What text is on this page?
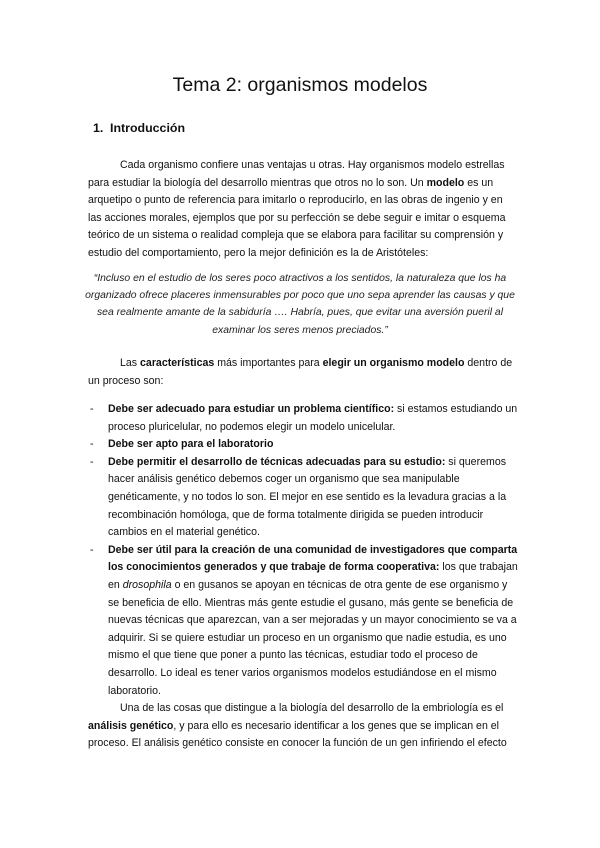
Tema 2: organismos modelos
1. Introducción

Cada organismo confiere unas ventajas u otras. Hay organismos modelo estrellas para estudiar la biología del desarrollo mientras que otros no lo son. Un modelo es un arquetipo o punto de referencia para imitarlo o reproducirlo, en las obras de ingenio y en las acciones morales, ejemplos que por su perfección se debe seguir e imitar o esquema teórico de un sistema o realidad compleja que se elabora para facilitar su comprensión y estudio del comportamiento, pero la mejor definición es la de Aristóteles:

“Incluso en el estudio de los seres poco atractivos a los sentidos, la naturaleza que los ha organizado ofrece placeres inmensurables por poco que uno sepa aprender las causas y que sea realmente amante de la sabiduría …. Habría, pues, que evitar una aversión pueril al examinar los seres menos preciados.”

Las características más importantes para elegir un organismo modelo dentro de un proceso son:

- Debe ser adecuado para estudiar un problema científico: si estamos estudiando un proceso pluricelular, no podemos elegir un modelo unicelular.
- Debe ser apto para el laboratorio
- Debe permitir el desarrollo de técnicas adecuadas para su estudio: si queremos hacer análisis genético debemos coger un organismo que sea manipulable genéticamente, y no todos lo son. El mejor en ese sentido es la levadura gracias a la recombinación homóloga, que de forma totalmente dirigida se pueden introducir cambios en el material genético.
- Debe ser útil para la creación de una comunidad de investigadores que comparta los conocimientos generados y que trabaje de forma cooperativa: los que trabajan en drosophila o en gusanos se apoyan en técnicas de otra gente de ese organismo y se beneficia de ello. Mientras más gente estudie el gusano, más gente se beneficia de nuevas técnicas que aparezcan, van a ser mejoradas y un mayor conocimiento se va a adquirir. Si se quiere estudiar un proceso en un organismo que nadie estudia, es uno mismo el que tiene que poner a punto las técnicas, estudiar todo el proceso de desarrollo. Lo ideal es tener varios organismos modelos estudiándose en el mismo laboratorio.

Una de las cosas que distingue a la biología del desarrollo de la embriología es el análisis genético, y para ello es necesario identificar a los genes que se implican en el proceso. El análisis genético consiste en conocer la función de un gen infiriendo el efecto
